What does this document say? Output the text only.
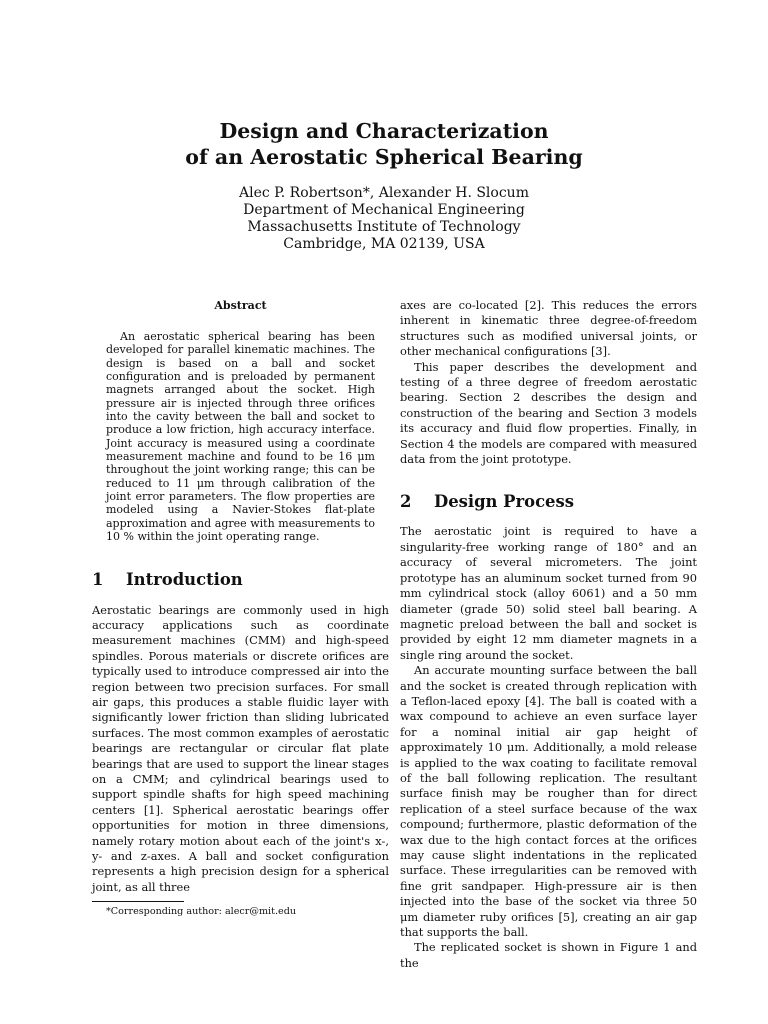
Design and Characterization
of an Aerostatic Spherical Bearing
Alec P. Robertson*, Alexander H. Slocum
Department of Mechanical Engineering
Massachusetts Institute of Technology
Cambridge, MA 02139, USA
Abstract

An aerostatic spherical bearing has been developed for parallel kinematic machines. The design is based on a ball and socket configuration and is preloaded by permanent magnets arranged about the socket. High pressure air is injected through three orifices into the cavity between the ball and socket to produce a low friction, high accuracy interface. Joint accuracy is measured using a coordinate measurement machine and found to be 16 μm throughout the joint working range; this can be reduced to 11 μm through calibration of the joint error parameters. The flow properties are modeled using a Navier-Stokes flat-plate approximation and agree with measurements to 10 % within the joint operating range.

1 Introduction

Aerostatic bearings are commonly used in high accuracy applications such as coordinate measurement machines (CMM) and high-speed spindles. Porous materials or discrete orifices are typically used to introduce compressed air into the region between two precision surfaces. For small air gaps, this produces a stable fluidic layer with significantly lower friction than sliding lubricated surfaces. The most common examples of aerostatic bearings are rectangular or circular flat plate bearings that are used to support the linear stages on a CMM; and cylindrical bearings used to support spindle shafts for high speed machining centers [1]. Spherical aerostatic bearings offer opportunities for motion in three dimensions, namely rotary motion about each of the joint's x-, y- and z-axes. A ball and socket configuration represents a high precision design for a spherical joint, as all three

*Corresponding author: alecr@mit.edu

axes are co-located [2]. This reduces the errors inherent in kinematic three degree-of-freedom structures such as modified universal joints, or other mechanical configurations [3].

This paper describes the development and testing of a three degree of freedom aerostatic bearing. Section 2 describes the design and construction of the bearing and Section 3 models its accuracy and fluid flow properties. Finally, in Section 4 the models are compared with measured data from the joint prototype.

2 Design Process

The aerostatic joint is required to have a singularity-free working range of 180° and an accuracy of several micrometers. The joint prototype has an aluminum socket turned from 90 mm cylindrical stock (alloy 6061) and a 50 mm diameter (grade 50) solid steel ball bearing. A magnetic preload between the ball and socket is provided by eight 12 mm diameter magnets in a single ring around the socket.

An accurate mounting surface between the ball and the socket is created through replication with a Teflon-laced epoxy [4]. The ball is coated with a wax compound to achieve an even surface layer for a nominal initial air gap height of approximately 10 μm. Additionally, a mold release is applied to the wax coating to facilitate removal of the ball following replication. The resultant surface finish may be rougher than for direct replication of a steel surface because of the wax compound; furthermore, plastic deformation of the wax due to the high contact forces at the orifices may cause slight indentations in the replicated surface. These irregularities can be removed with fine grit sandpaper. High-pressure air is then injected into the base of the socket via three 50 μm diameter ruby orifices [5], creating an air gap that supports the ball.

The replicated socket is shown in Figure 1 and the
